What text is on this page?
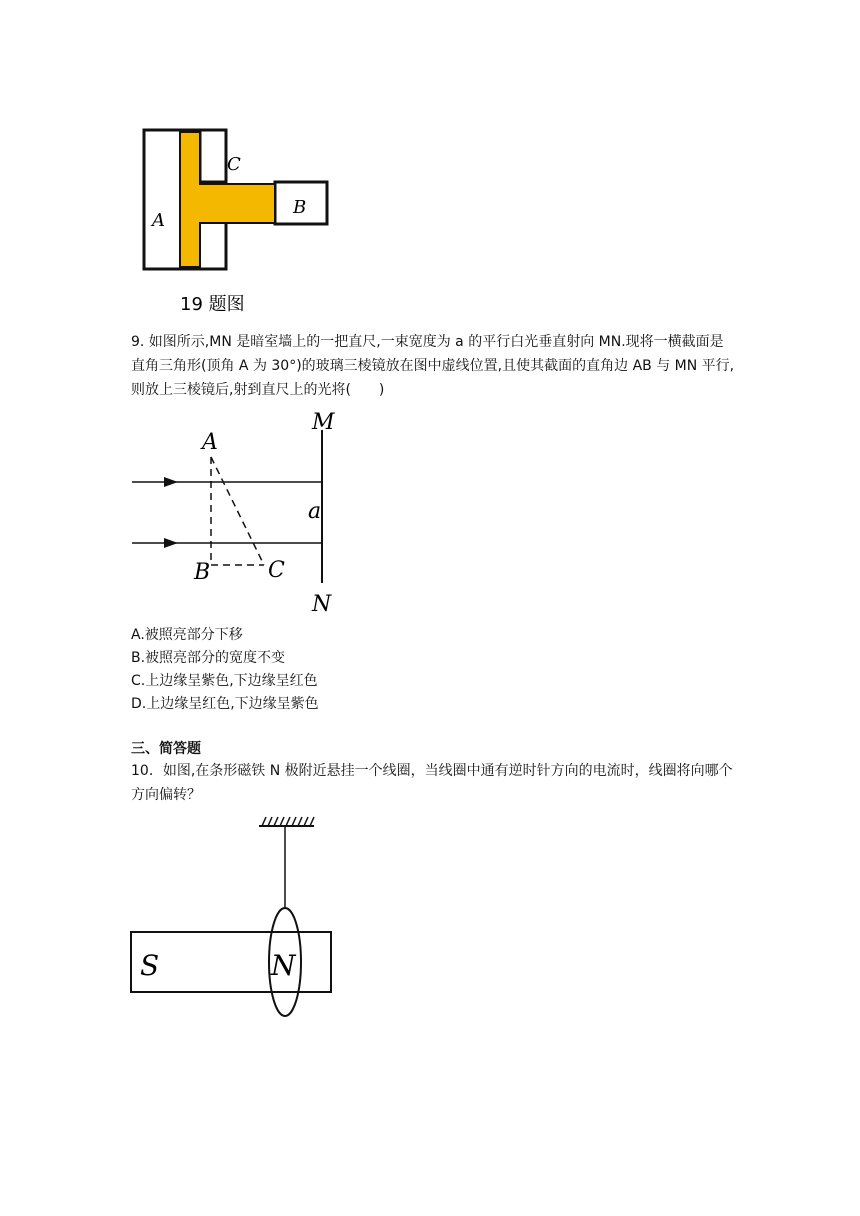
A
B
C
19 题图
9. 如图所示,MN 是暗室墙上的一把直尺,一束宽度为 a 的平行白光垂直射向 MN.现将一横截面是直角三角形(顶角 A 为 30°)的玻璃三棱镜放在图中虚线位置,且使其截面的直角边 AB 与 MN 平行,则放上三棱镜后,射到直尺上的光将(　　)
M
N
A
B	C
a
A.被照亮部分下移
B.被照亮部分的宽度不变
C.上边缘呈紫色,下边缘呈红色
D.上边缘呈红色,下边缘呈紫色
三、简答题
10．如图,在条形磁铁 N 极附近悬挂一个线圈，当线圈中通有逆时针方向的电流时，线圈将向哪个方向偏转？
S	N
